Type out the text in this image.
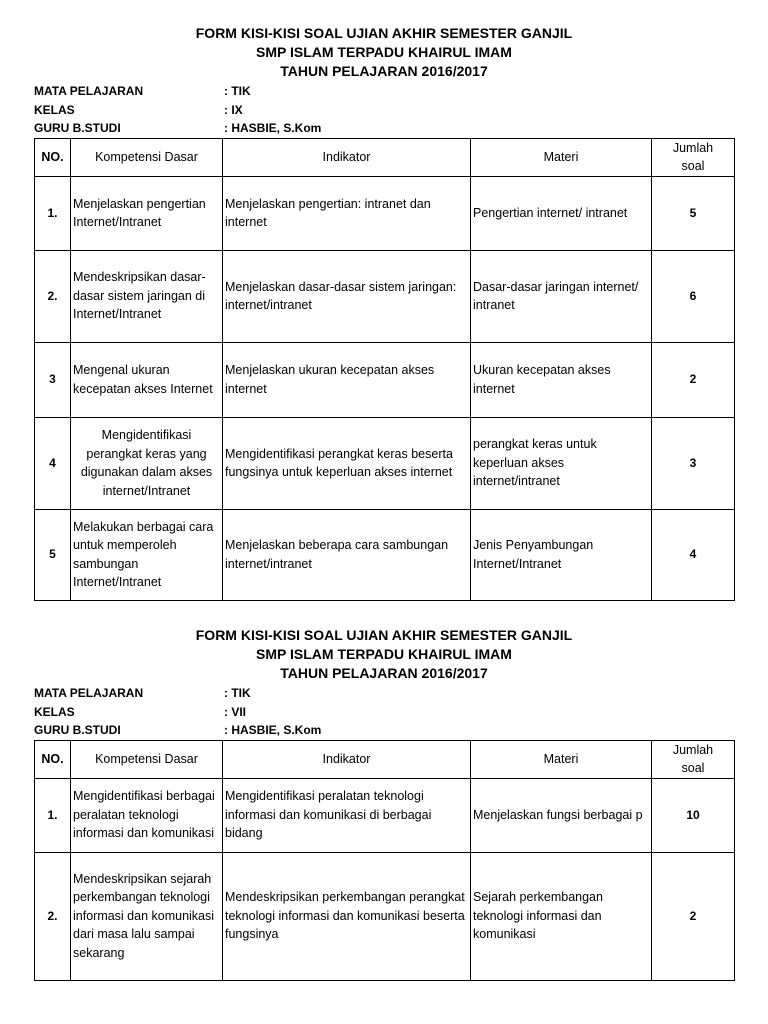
FORM KISI-KISI SOAL UJIAN AKHIR SEMESTER GANJIL
SMP ISLAM TERPADU KHAIRUL IMAM
TAHUN PELAJARAN 2016/2017
MATA PELAJARAN	: TIK
KELAS	: IX
GURU B.STUDI	: HASBIE, S.Kom
NO.	Kompetensi Dasar	Indikator	Materi	Jumlah
soal
1.	Menjelaskan pengertian Internet/Intranet	Menjelaskan pengertian: intranet dan internet	Pengertian internet/ intranet	5
2.	Mendeskripsikan dasar-dasar sistem jaringan di Internet/Intranet	Menjelaskan dasar-dasar sistem jaringan: internet/intranet	Dasar-dasar jaringan internet/ intranet	6
3	Mengenal ukuran kecepatan akses Internet	Menjelaskan ukuran kecepatan akses internet	Ukuran kecepatan akses internet	2
4	Mengidentifikasi perangkat keras yang digunakan dalam akses internet/Intranet	Mengidentifikasi perangkat keras beserta fungsinya untuk keperluan akses internet	perangkat keras untuk keperluan akses internet/intranet	3
5	Melakukan berbagai cara untuk memperoleh sambungan Internet/Intranet	Menjelaskan beberapa cara sambungan internet/intranet	Jenis Penyambungan Internet/Intranet	4
FORM KISI-KISI SOAL UJIAN AKHIR SEMESTER GANJIL
SMP ISLAM TERPADU KHAIRUL IMAM
TAHUN PELAJARAN 2016/2017
MATA PELAJARAN	: TIK
KELAS	: VII
GURU B.STUDI	: HASBIE, S.Kom
NO.	Kompetensi Dasar	Indikator	Materi	Jumlah
soal
1.	Mengidentifikasi berbagai peralatan teknologi informasi dan komunikasi	Mengidentifikasi peralatan teknologi informasi dan komunikasi di berbagai bidang	Menjelaskan fungsi berbagai p	10
2.	Mendeskripsikan sejarah perkembangan teknologi informasi dan komunikasi dari masa lalu sampai sekarang	Mendeskripsikan perkembangan perangkat teknologi informasi dan komunikasi beserta fungsinya	Sejarah perkembangan teknologi informasi dan komunikasi	2
